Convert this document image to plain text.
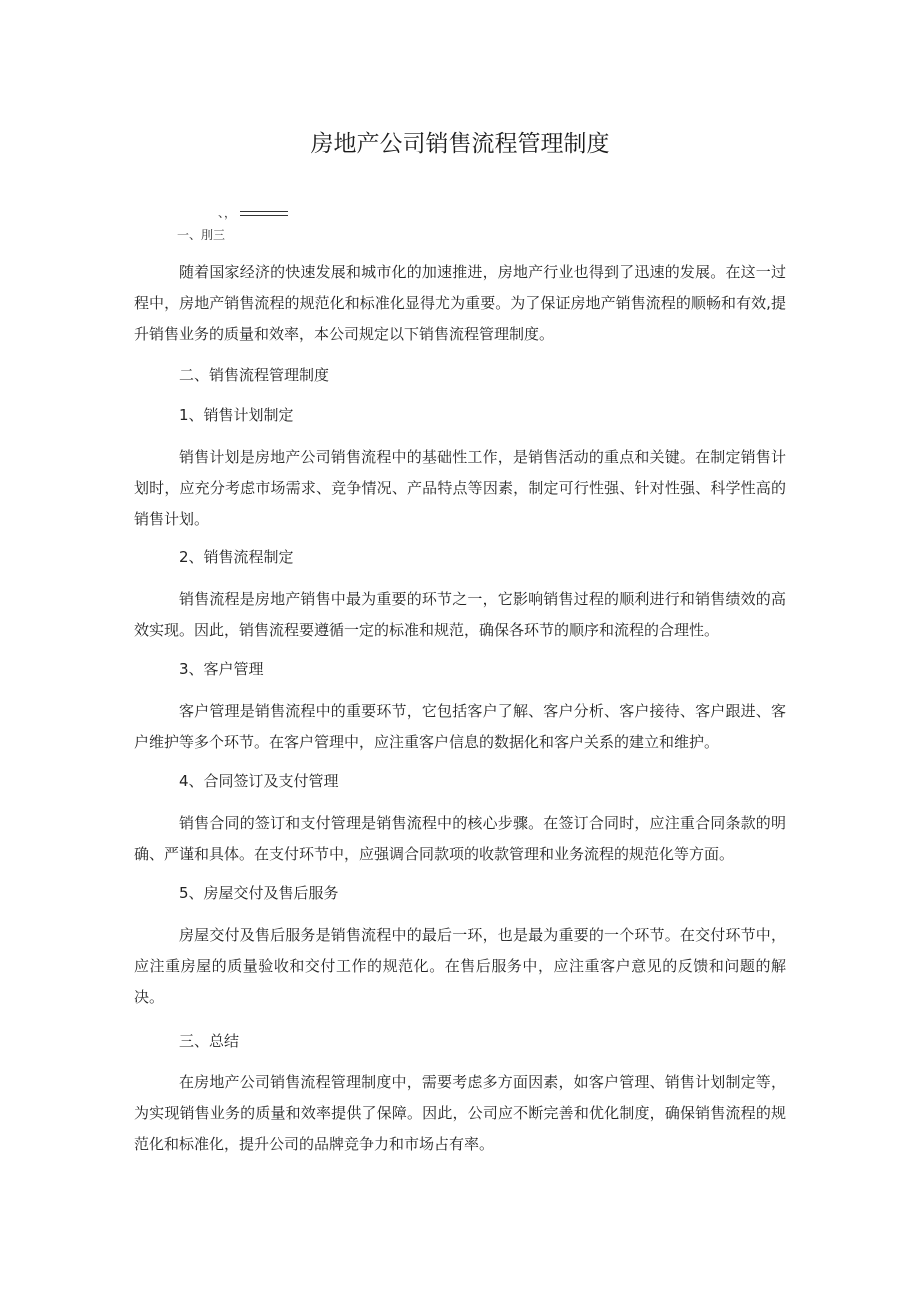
房地产公司销售流程管理制度
、，
一、刖三

随着国家经济的快速发展和城市化的加速推进，房地产行业也得到了迅速的发展。在这一过程中，房地产销售流程的规范化和标准化显得尤为重要。为了保证房地产销售流程的顺畅和有效,提升销售业务的质量和效率，本公司规定以下销售流程管理制度。

二、销售流程管理制度
1、销售计划制定

销售计划是房地产公司销售流程中的基础性工作，是销售活动的重点和关键。在制定销售计划时，应充分考虑市场需求、竞争情况、产品特点等因素，制定可行性强、针对性强、科学性高的销售计划。

2、销售流程制定

销售流程是房地产销售中最为重要的环节之一，它影响销售过程的顺利进行和销售绩效的高效实现。因此，销售流程要遵循一定的标准和规范，确保各环节的顺序和流程的合理性。

3、客户管理

客户管理是销售流程中的重要环节，它包括客户了解、客户分析、客户接待、客户跟进、客户维护等多个环节。在客户管理中，应注重客户信息的数据化和客户关系的建立和维护。

4、合同签订及支付管理

销售合同的签订和支付管理是销售流程中的核心步骤。在签订合同时，应注重合同条款的明确、严谨和具体。在支付环节中，应强调合同款项的收款管理和业务流程的规范化等方面。

5、房屋交付及售后服务

房屋交付及售后服务是销售流程中的最后一环，也是最为重要的一个环节。在交付环节中，应注重房屋的质量验收和交付工作的规范化。在售后服务中，应注重客户意见的反馈和问题的解决。

三、总结

在房地产公司销售流程管理制度中，需要考虑多方面因素，如客户管理、销售计划制定等，为实现销售业务的质量和效率提供了保障。因此，公司应不断完善和优化制度，确保销售流程的规范化和标准化，提升公司的品牌竞争力和市场占有率。
